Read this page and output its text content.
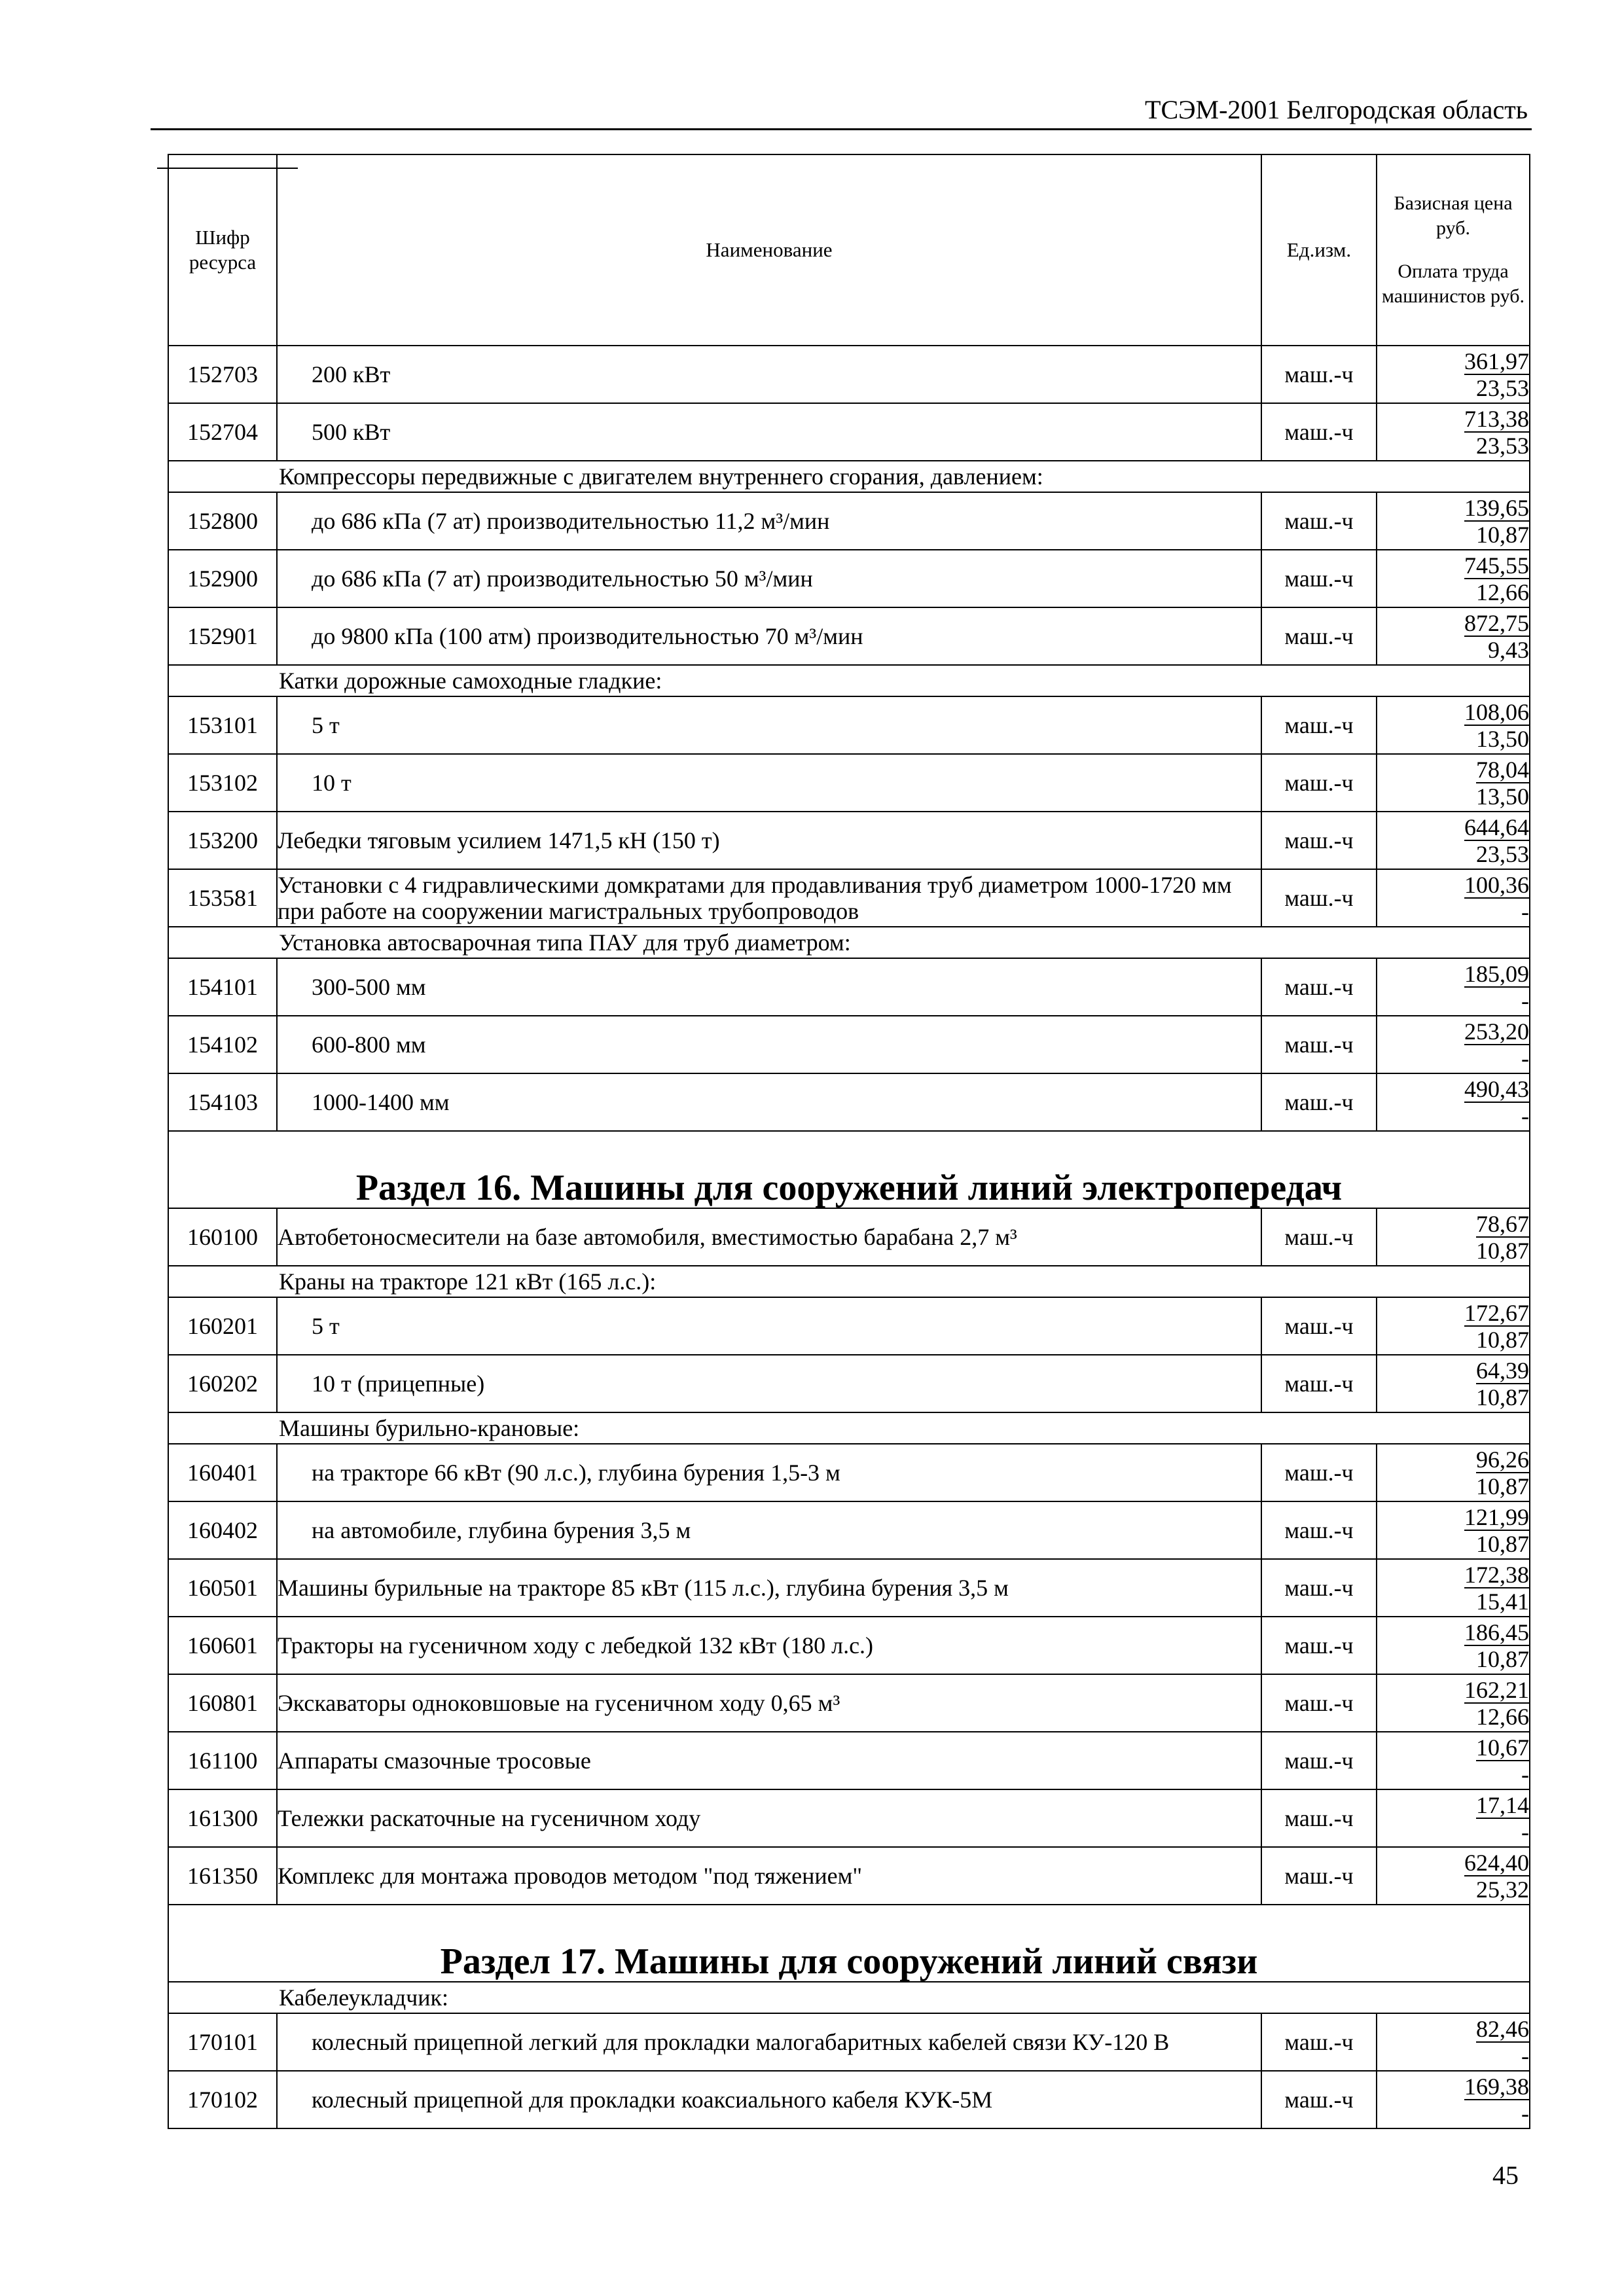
ТСЭМ-2001 Белгородская область
Шифр ресурса	Наименование	Ед.изм.	Базисная цена руб.
Оплата труда машинистов руб.

152703	200 кВт	маш.-ч	361,97
23,53

152704	500 кВт	маш.-ч	713,38
23,53

Компрессоры передвижные с двигателем внутреннего сгорания, давлением:			
152800	до 686 кПа (7 ат) производительностью 11,2 м³/мин	маш.-ч	139,65
10,87

152900	до 686 кПа (7 ат) производительностью 50 м³/мин	маш.-ч	745,55
12,66

152901	до 9800 кПа (100 атм) производительностью 70 м³/мин	маш.-ч	872,75
9,43

Катки дорожные самоходные гладкие:			
153101	5 т	маш.-ч	108,06
13,50

153102	10 т	маш.-ч	78,04
13,50

153200	Лебедки тяговым усилием 1471,5 кН (150 т)	маш.-ч	644,64
23,53

153581	Установки с 4 гидравлическими домкратами для продавливания труб диаметром 1000-1720 мм при работе на сооружении магистральных трубопроводов	маш.-ч	100,36
-

Установка автосварочная типа ПАУ для труб диаметром:			
154101	300-500 мм	маш.-ч	185,09
-

154102	600-800 мм	маш.-ч	253,20
-

154103	1000-1400 мм	маш.-ч	490,43
-

Раздел 16. Машины для сооружений линий электропередач			
160100	Автобетоносмесители на базе автомобиля, вместимостью барабана 2,7 м³	маш.-ч	78,67
10,87

Краны на тракторе 121 кВт (165 л.с.):			
160201	5 т	маш.-ч	172,67
10,87

160202	10 т (прицепные)	маш.-ч	64,39
10,87

Машины бурильно-крановые:			
160401	на тракторе 66 кВт (90 л.с.), глубина бурения 1,5-3 м	маш.-ч	96,26
10,87

160402	на автомобиле, глубина бурения 3,5 м	маш.-ч	121,99
10,87

160501	Машины бурильные на тракторе 85 кВт (115 л.с.), глубина бурения 3,5 м	маш.-ч	172,38
15,41

160601	Тракторы на гусеничном ходу с лебедкой 132 кВт (180 л.с.)	маш.-ч	186,45
10,87

160801	Экскаваторы одноковшовые на гусеничном ходу 0,65 м³	маш.-ч	162,21
12,66

161100	Аппараты смазочные тросовые	маш.-ч	10,67
-

161300	Тележки раскаточные на гусеничном ходу	маш.-ч	17,14
-

161350	Комплекс для монтажа проводов методом "под тяжением"	маш.-ч	624,40
25,32

Раздел 17. Машины для сооружений линий связи			
Кабелеукладчик:			
170101	колесный прицепной легкий для прокладки малогабаритных кабелей связи КУ-120 В	маш.-ч	82,46
-

170102	колесный прицепной для прокладки коаксиального кабеля КУК-5М	маш.-ч	169,38
-
45
